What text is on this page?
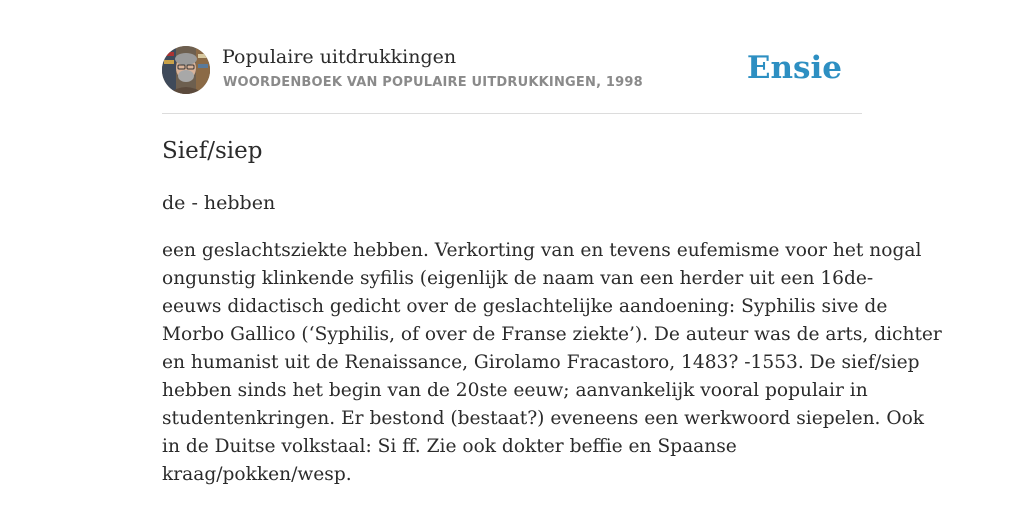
Populaire uitdrukkingen
WOORDENBOEK VAN POPULAIRE UITDRUKKINGEN, 1998	Ensie
Sief/siep
de - hebben

een geslachtsziekte hebben. Verkorting van en tevens eufemisme voor het nogal
ongunstig klinkende syfilis (eigenlijk de naam van een herder uit een 16de-
eeuws didactisch gedicht over de geslachtelijke aandoening: Syphilis sive de
Morbo Gallico (‘Syphilis, of over de Franse ziekte’). De auteur was de arts, dichter
en humanist uit de Renaissance, Girolamo Fracastoro, 1483? -1553. De sief/siep
hebben sinds het begin van de 20ste eeuw; aanvankelijk vooral populair in
studentenkringen. Er bestond (bestaat?) eveneens een werkwoord siepelen. Ook
in de Duitse volkstaal: Si ff. Zie ook dokter beffie en Spaanse
kraag/pokken/wesp.
